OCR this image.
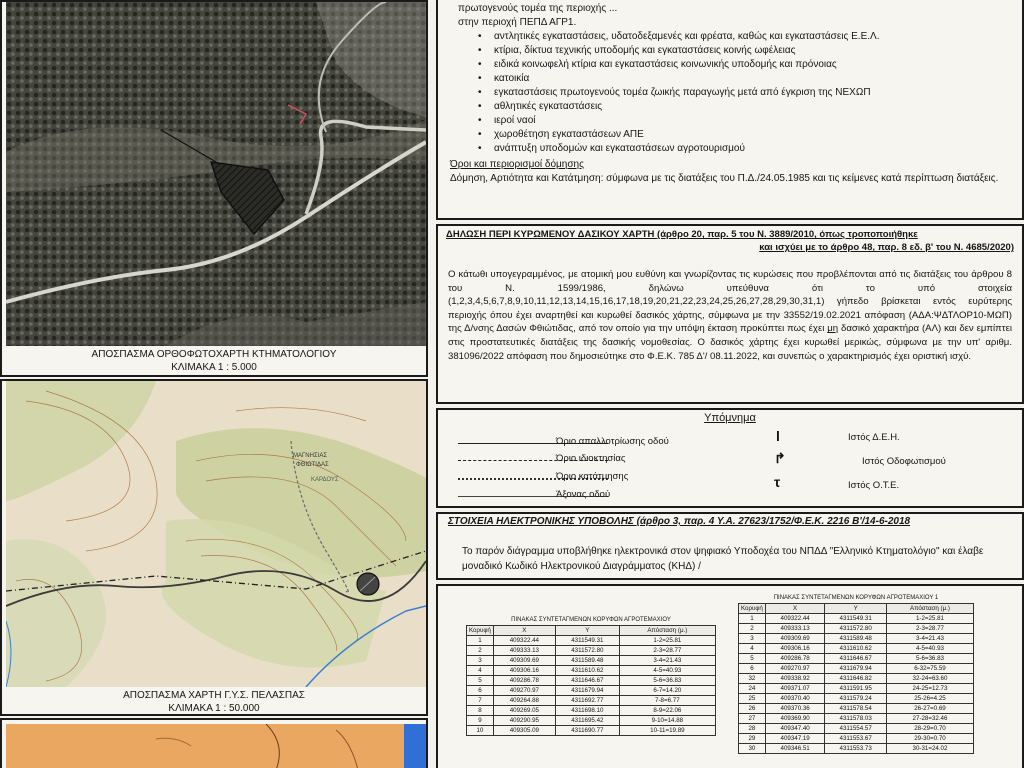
ΑΠΟΣΠΑΣΜΑ ΟΡΘΟΦΩΤΟΧΑΡΤΗ ΚΤΗΜΑΤΟΛΟΓΙΟΥ
ΚΛΙΜΑΚΑ 1 : 5.000
ΜΑΓΝΗΣΙΑΣ
ΦΘΙΩΤΙΔΑΣ
ΚΑΡΔΟΥΣ
ΑΠΟΣΠΑΣΜΑ ΧΑΡΤΗ Γ.Υ.Σ. ΠΕΛΑΣΠΑΣ
ΚΛΙΜΑΚΑ 1 : 50.000
πρωτογενούς τομέα της περιοχής ...
στην περιοχή ΠΕΠΔ ΑΓΡ1.
• αντλητικές εγκαταστάσεις, υδατοδεξαμενές και φρέατα, καθώς και εγκαταστάσεις Ε.Ε.Λ.
• κτίρια, δίκτυα τεχνικής υποδομής και εγκαταστάσεις κοινής ωφέλειας
• ειδικά κοινωφελή κτίρια και εγκαταστάσεις κοινωνικής υποδομής και πρόνοιας
• κατοικία
• εγκαταστάσεις πρωτογενούς τομέα ζωικής παραγωγής μετά από έγκριση της ΝΕΧΩΠ
• αθλητικές εγκαταστάσεις
• ιεροί ναοί
• χωροθέτηση εγκαταστάσεων ΑΠΕ
• ανάπτυξη υποδομών και εγκαταστάσεων αγροτουρισμού
Όροι και περιορισμοί δόμησης
Δόμηση, Αρτιότητα και Κατάτμηση: σύμφωνα με τις διατάξεις του Π.Δ./24.05.1985 και τις κείμενες κατά περίπτωση διατάξεις.
ΔΗΛΩΣΗ ΠΕΡΙ ΚΥΡΩΜΕΝΟΥ ΔΑΣΙΚΟΥ ΧΑΡΤΗ (άρθρο 20, παρ. 5 του Ν. 3889/2010, όπως τροποποιήθηκε
και ισχύει με το άρθρο 48, παρ. 8 εδ. β' του Ν. 4685/2020)
Ο κάτωθι υπογεγραμμένος, με ατομική μου ευθύνη και γνωρίζοντας τις κυρώσεις που προβλέπονται από τις διατάξεις του άρθρου 8 του Ν. 1599/1986, δηλώνω υπεύθυνα ότι το υπό στοιχεία (1,2,3,4,5,6,7,8,9,10,11,12,13,14,15,16,17,18,19,20,21,22,23,24,25,26,27,28,29,30,31,1) γήπεδο βρίσκεται εντός ευρύτερης περιοχής όπου έχει αναρτηθεί και κυρωθεί δασικός χάρτης, σύμφωνα με την 33552/19.02.2021 απόφαση (ΑΔΑ:ΨΔΤΛΟΡ10-ΜΩΠ) της Δ/νσης Δασών Φθιώτιδας, από τον οποίο για την υπόψη έκταση προκύπτει πως έχει μη δασικό χαρακτήρα (ΑΛ) και δεν εμπίπτει στις προστατευτικές διατάξεις της δασικής νομοθεσίας. Ο δασικός χάρτης έχει κυρωθεί μερικώς, σύμφωνα με την υπ' αριθμ. 381096/2022 απόφαση που δημοσιεύτηκε στο Φ.Ε.Κ. 785 Δ'/ 08.11.2022, και συνεπώς ο χαρακτηρισμός έχει οριστική ισχύ.
Υπόμνημα
Όριο απαλλοτρίωσης οδού
Όριο ιδιοκτησίας
Όριο κατάτμησης
Άξονας οδού
l
↱
τ
Ιστός Δ.Ε.Η.
Ιστός Οδοφωτισμού
Ιστός Ο.Τ.Ε.
ΣΤΟΙΧΕΙΑ ΗΛΕΚΤΡΟΝΙΚΗΣ ΥΠΟΒΟΛΗΣ (άρθρο 3, παρ. 4 Υ.Α. 27623/1752/Φ.Ε.Κ. 2216 Β'/14-6-2018
Το παρόν διάγραμμα υποβλήθηκε ηλεκτρονικά στον ψηφιακό Υποδοχέα του ΝΠΔΔ "Ελληνικό Κτηματολόγιο" και έλαβε μοναδικό Κωδικό Ηλεκτρονικού Διαγράμματος (ΚΗΔ) /
ΠΙΝΑΚΑΣ ΣΥΝΤΕΤΑΓΜΕΝΩΝ ΚΟΡΥΦΩΝ ΑΓΡΟΤΕΜΑΧΙΟΥ
Κορυφή	X	Y	Απόσταση (μ.)
1	409322.44	4311549.31	1-2=25.81
2	409333.13	4311572.80	2-3=28.77
3	409309.69	4311589.48	3-4=21.43
4	409306.16	4311610.62	4-5=40.93
5	409286.78	4311646.67	5-6=36.83
6	409270.97	4311679.94	6-7=14.20
7	409264.88	4311692.77	7-8=6.77
8	409269.05	4311698.10	8-9=22.06
9	409290.95	4311695.42	9-10=14.88
10	409305.09	4311690.77	10-11=19.89
ΠΙΝΑΚΑΣ ΣΥΝΤΕΤΑΓΜΕΝΩΝ ΚΟΡΥΦΩΝ ΑΓΡΟΤΕΜΑΧΙΟΥ 1
Κορυφή	X	Y	Απόσταση (μ.)
1	409322.44	4311549.31	1-2=25.81
2	409333.13	4311572.80	2-3=28.77
3	409309.69	4311589.48	3-4=21.43
4	409306.16	4311610.62	4-5=40.93
5	409286.78	4311646.67	5-6=36.83
6	409270.97	4311679.94	6-32=75.59
32	409338.92	4311646.82	32-24=63.60
24	409371.07	4311591.95	24-25=12.73
25	409370.40	4311579.24	25-26=4.25
26	409370.36	4311578.54	26-27=0.69
27	409369.90	4311578.03	27-28=32.46
28	409347.40	4311554.57	28-29=0.70
29	409347.19	4311553.67	29-30=0.70
30	409346.51	4311553.73	30-31=24.02
